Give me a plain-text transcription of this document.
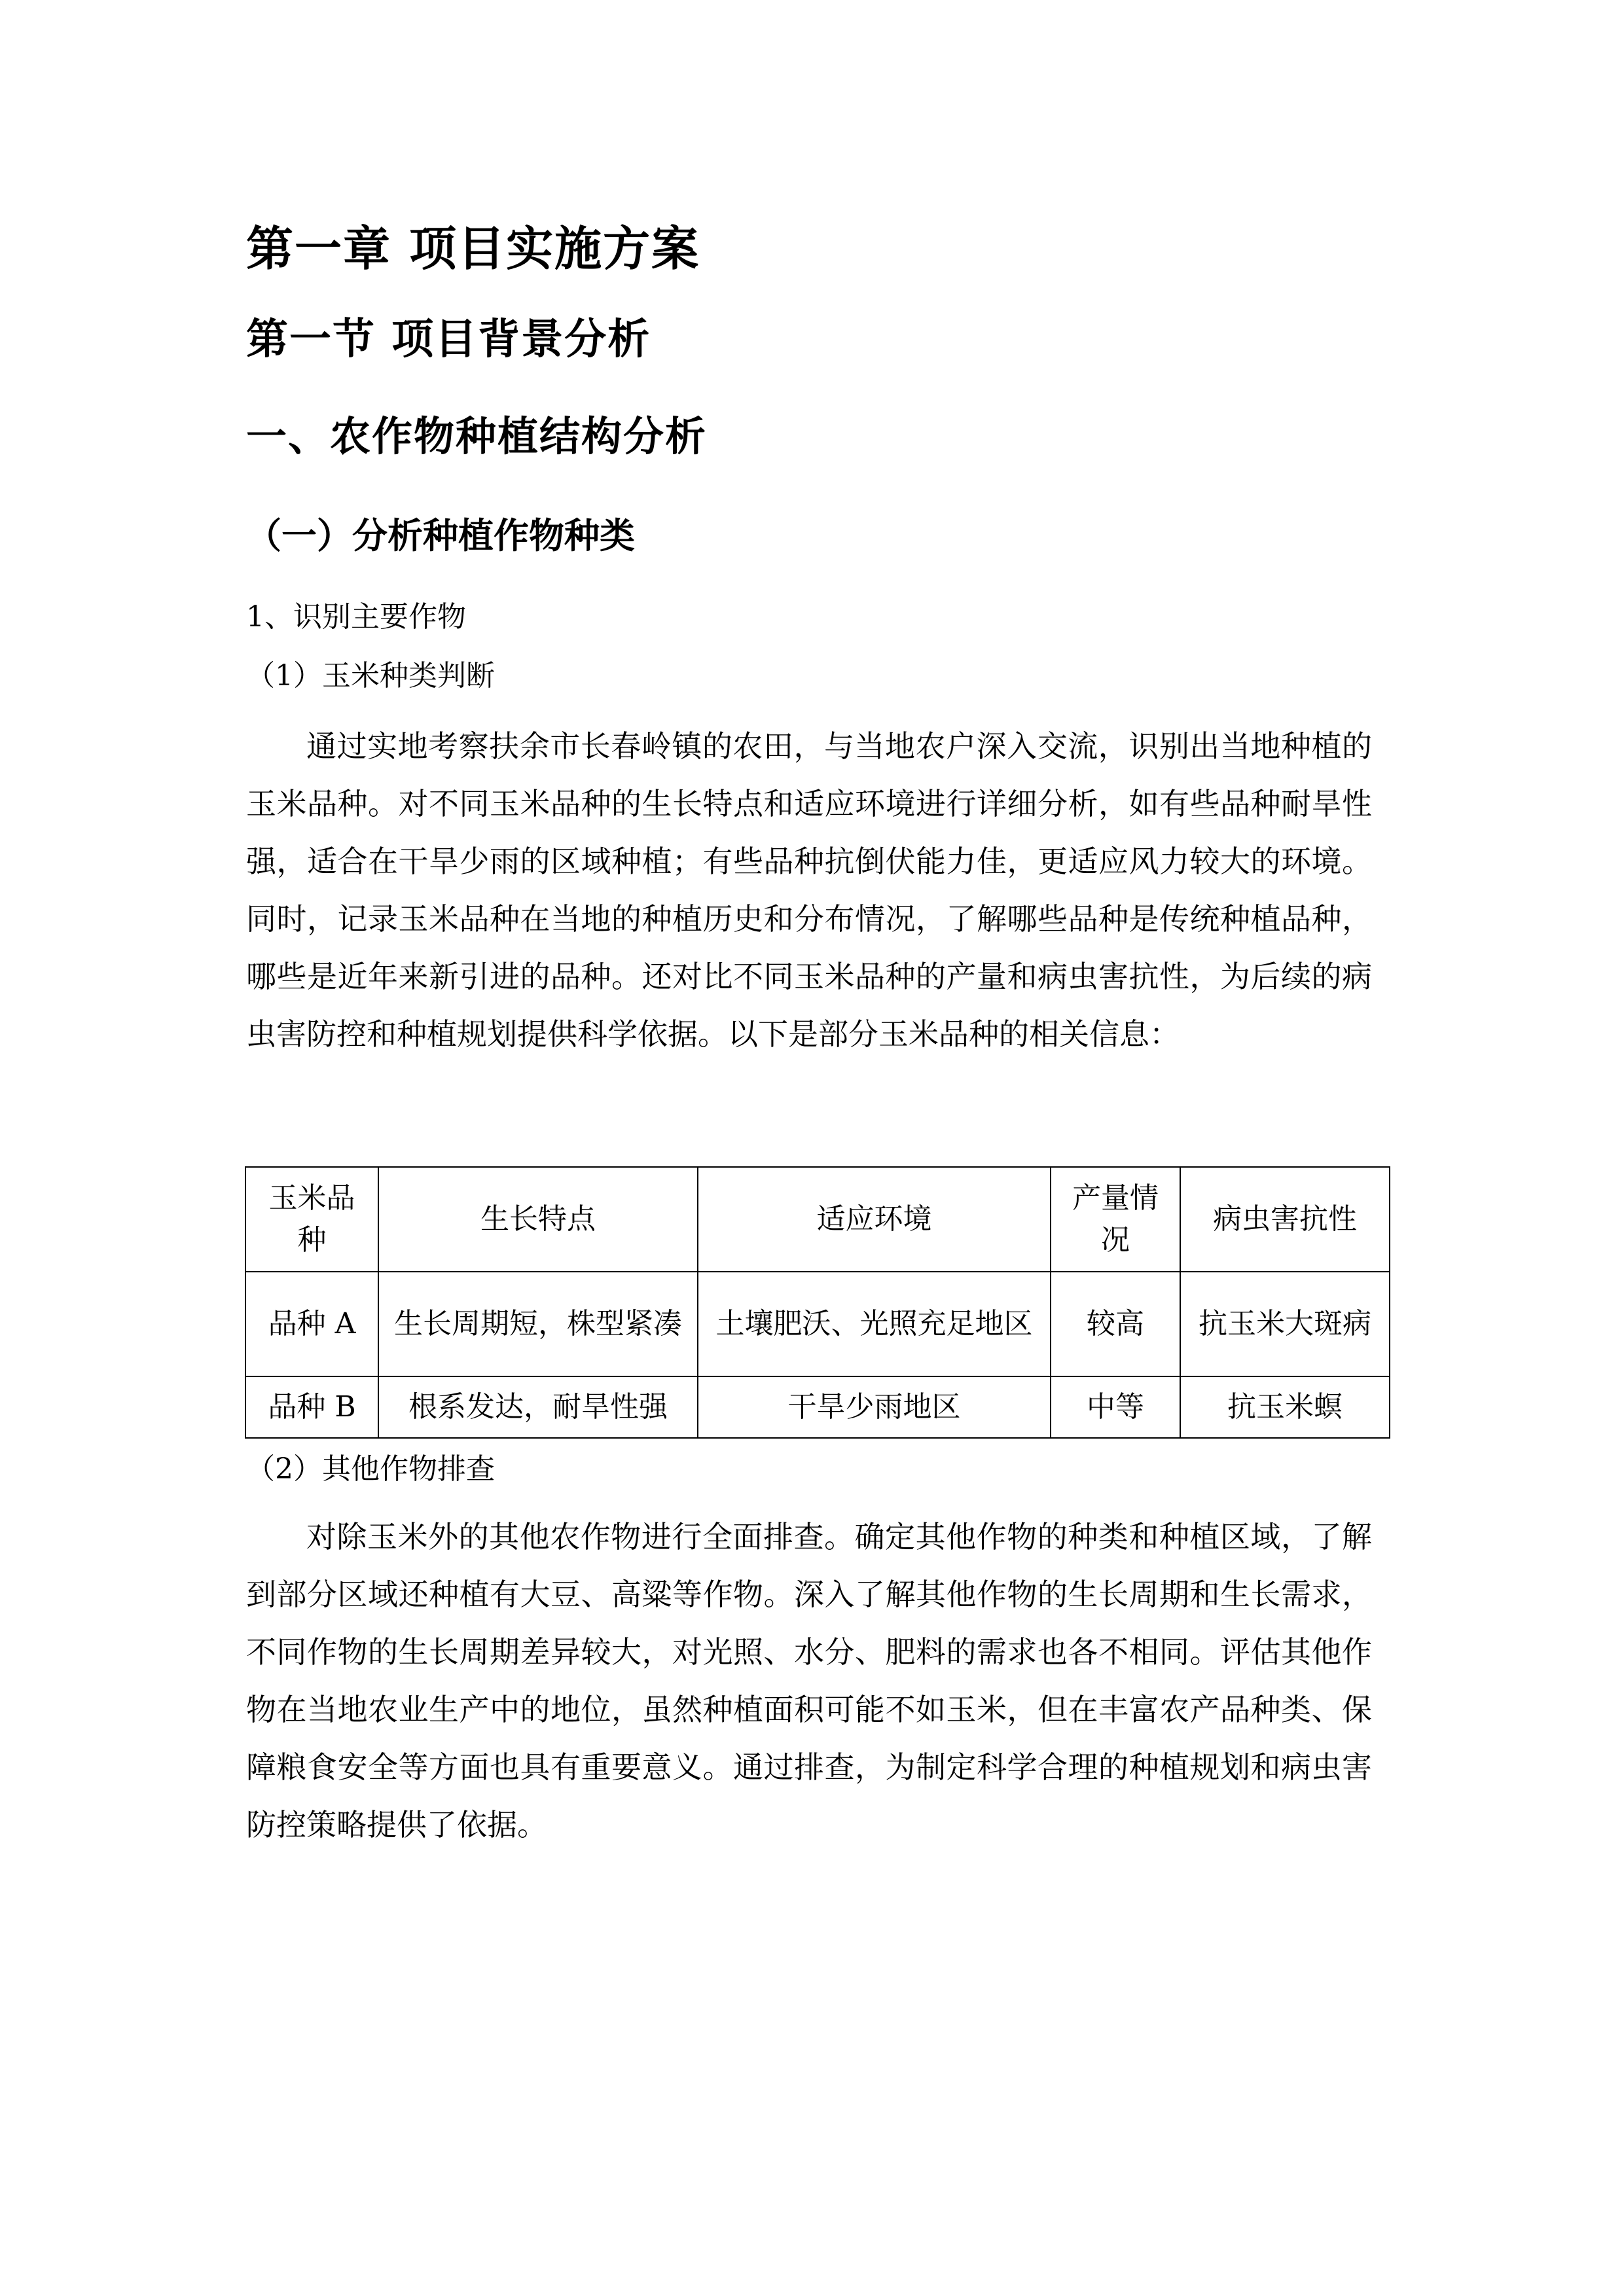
第一章 项目实施方案
第一节 项目背景分析
一、农作物种植结构分析
（一）分析种植作物种类

1、识别主要作物

（1）玉米种类判断

通过实地考察扶余市长春岭镇的农田，与当地农户深入交流，识别出当地种植的玉米品种。对不同玉米品种的生长特点和适应环境进行详细分析，如有些品种耐旱性强，适合在干旱少雨的区域种植；有些品种抗倒伏能力佳，更适应风力较大的环境。同时，记录玉米品种在当地的种植历史和分布情况，了解哪些品种是传统种植品种，哪些是近年来新引进的品种。还对比不同玉米品种的产量和病虫害抗性，为后续的病虫害防控和种植规划提供科学依据。以下是部分玉米品种的相关信息：

玉米品种	生长特点	适应环境	产量情况	病虫害抗性
品种 A	生长周期短，株型紧凑	土壤肥沃、光照充足地区	较高	抗玉米大斑病
品种 B	根系发达，耐旱性强	干旱少雨地区	中等	抗玉米螟

（2）其他作物排查

对除玉米外的其他农作物进行全面排查。确定其他作物的种类和种植区域，了解到部分区域还种植有大豆、高粱等作物。深入了解其他作物的生长周期和生长需求，不同作物的生长周期差异较大，对光照、水分、肥料的需求也各不相同。评估其他作物在当地农业生产中的地位，虽然种植面积可能不如玉米，但在丰富农产品种类、保障粮食安全等方面也具有重要意义。通过排查，为制定科学合理的种植规划和病虫害防控策略提供了依据。
